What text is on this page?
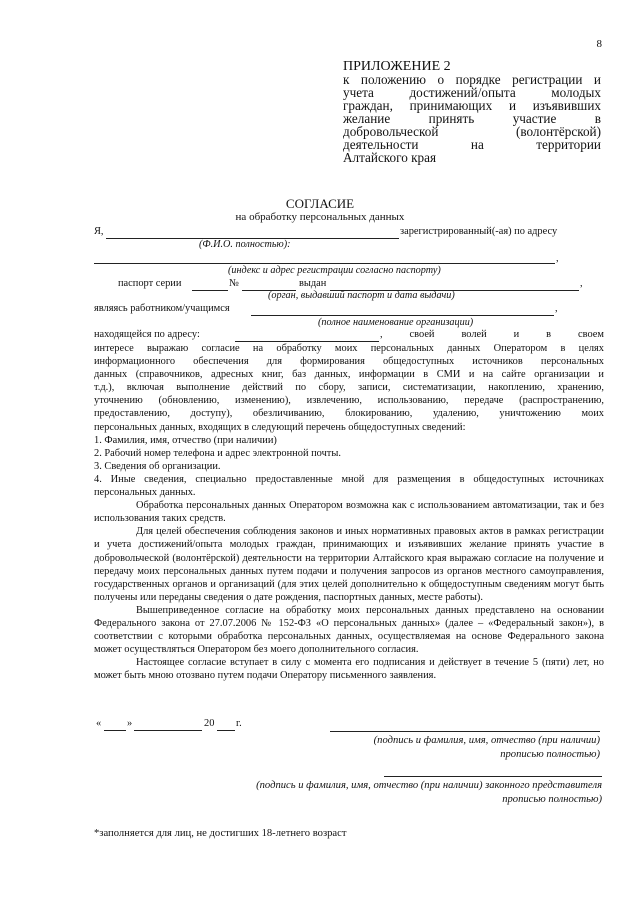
8
ПРИЛОЖЕНИЕ 2
к положению о порядке регистрации и
учета достижений/опыта молодых
граждан, принимающих и изъявивших
желание принять участие в
добровольческой (волонтёрской)
деятельности на территории
Алтайского края
СОГЛАСИЕ
на обработку персональных данных
Я,	зарегистрированный(-ая) по адресу
(Ф.И.О. полностью):
,
(индекс и адрес регистрации согласно паспорту)
паспорт серии	№	выдан	,
(орган, выдавший паспорт и дата выдачи)
являясь работником/учащимся	,
(полное наименование организации)
находящейся по адресу:	, своей волей и в своем

интересе выражаю согласие на обработку моих персональных данных Оператором в целях

информационного обеспечения для формирования общедоступных источников персональных

данных (справочников, адресных книг, баз данных, информации в СМИ и на сайте организации и

т.д.), включая выполнение действий по сбору, записи, систематизации, накоплению, хранению,

уточнению (обновлению, изменению), извлечению, использованию, передаче (распространению,

предоставлению, доступу), обезличиванию, блокированию, удалению, уничтожению моих

персональных данных, входящих в следующий перечень общедоступных сведений:

1. Фамилия, имя, отчество (при наличии)

2. Рабочий номер телефона и адрес электронной почты.

3. Сведения об организации.

4. Иные сведения, специально предоставленные мной для размещения в общедоступных источниках персональных данных.

Обработка персональных данных Оператором возможна как с использованием автоматизации, так и без использования таких средств.

Для целей обеспечения соблюдения законов и иных нормативных правовых актов в рамках регистрации и учета достижений/опыта молодых граждан, принимающих и изъявивших желание принять участие в добровольческой (волонтёрской) деятельности на территории Алтайского края выражаю согласие на получение и передачу моих персональных данных путем подачи и получения запросов из органов местного самоуправления, государственных органов и организаций (для этих целей дополнительно к общедоступным сведениям могут быть получены или переданы сведения о дате рождения, паспортных данных, месте работы).

Вышеприведенное согласие на обработку моих персональных данных представлено на основании Федерального закона от 27.07.2006 № 152-ФЗ «О персональных данных» (далее – «Федеральный закон»), в соответствии с которыми обработка персональных данных, осуществляемая на основе Федерального закона может осуществляться Оператором без моего дополнительного согласия.

Настоящее согласие вступает в силу с момента его подписания и действует в течение 5 (пяти) лет, но может быть мною отозвано путем подачи Оператору письменного заявления.

« »	20 г.
(подпись и фамилия, имя, отчество (при наличии)
прописью полностью)
(подпись и фамилия, имя, отчество (при наличии) законного представителя
прописью полностью)
*заполняется для лиц, не достигших 18-летнего возраст
